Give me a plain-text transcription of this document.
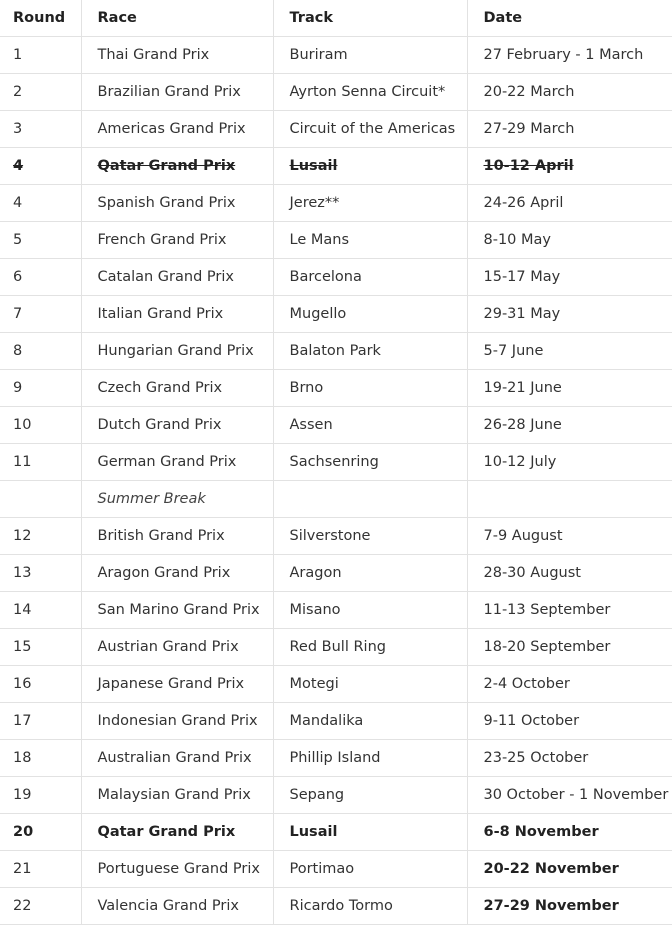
Round	Race	Track	Date
1	Thai Grand Prix	Buriram	27 February - 1 March
2	Brazilian Grand Prix	Ayrton Senna Circuit*	20-22 March
3	Americas Grand Prix	Circuit of the Americas	27-29 March
4	Qatar Grand Prix	Lusail	10-12 April
4	Spanish Grand Prix	Jerez**	24-26 April
5	French Grand Prix	Le Mans	8-10 May
6	Catalan Grand Prix	Barcelona	15-17 May
7	Italian Grand Prix	Mugello	29-31 May
8	Hungarian Grand Prix	Balaton Park	5-7 June
9	Czech Grand Prix	Brno	19-21 June
10	Dutch Grand Prix	Assen	26-28 June
11	German Grand Prix	Sachsenring	10-12 July
	Summer Break		
12	British Grand Prix	Silverstone	7-9 August
13	Aragon Grand Prix	Aragon	28-30 August
14	San Marino Grand Prix	Misano	11-13 September
15	Austrian Grand Prix	Red Bull Ring	18-20 September
16	Japanese Grand Prix	Motegi	2-4 October
17	Indonesian Grand Prix	Mandalika	9-11 October
18	Australian Grand Prix	Phillip Island	23-25 October
19	Malaysian Grand Prix	Sepang	30 October - 1 November
20	Qatar Grand Prix	Lusail	6-8 November
21	Portuguese Grand Prix	Portimao	20-22 November
22	Valencia Grand Prix	Ricardo Tormo	27-29 November
